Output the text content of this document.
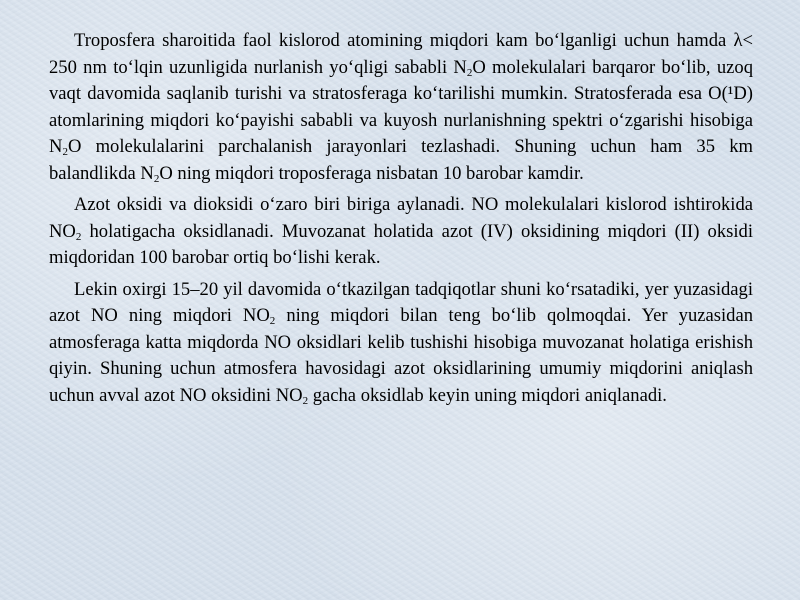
Troposfera sharoitida faol kislorod atomining miqdori kam bo‘lganligi uchun hamda λ< 250 nm to‘lqin uzunligida nurlanish yo‘qligi sababli $N_2O$ molekulalari barqaror bo‘lib, uzoq vaqt davomida saqlanib turishi va stratosferaga ko‘tarilishi mumkin. Stratosferada esa O(¹D) atomlarining miqdori ko‘payishi sababli va kuyosh nurlanishning spektri o‘zgarishi hisobiga $N_2O$ molekulalarini parchalanish jarayonlari tezlashadi. Shuning uchun ham 35 km balandlikda $N_2O$ ning miqdori troposferaga nisbatan 10 barobar kamdir.

Azot oksidi va dioksidi o‘zaro biri biriga aylanadi. NO molekulalari kislorod ishtirokida $NO_2$ holatigacha oksidlanadi. Muvozanat holatida azot (IV) oksidining miqdori (II) oksidi miqdoridan 100 barobar ortiq bo‘lishi kerak.

Lekin oxirgi 15–20 yil davomida o‘tkazilgan tadqiqotlar shuni ko‘rsatadiki, yer yuzasidagi azot NO ning miqdori $NO_2$ ning miqdori bilan teng bo‘lib qolmoqdai. Yer yuzasidan atmosferaga katta miqdorda NO oksidlari kelib tushishi hisobiga muvozanat holatiga erishish qiyin. Shuning uchun atmosfera havosidagi azot oksidlarining umumiy miqdorini aniqlash uchun avval azot NO oksidini $NO_2$ gacha oksidlab keyin uning miqdori aniqlanadi.
